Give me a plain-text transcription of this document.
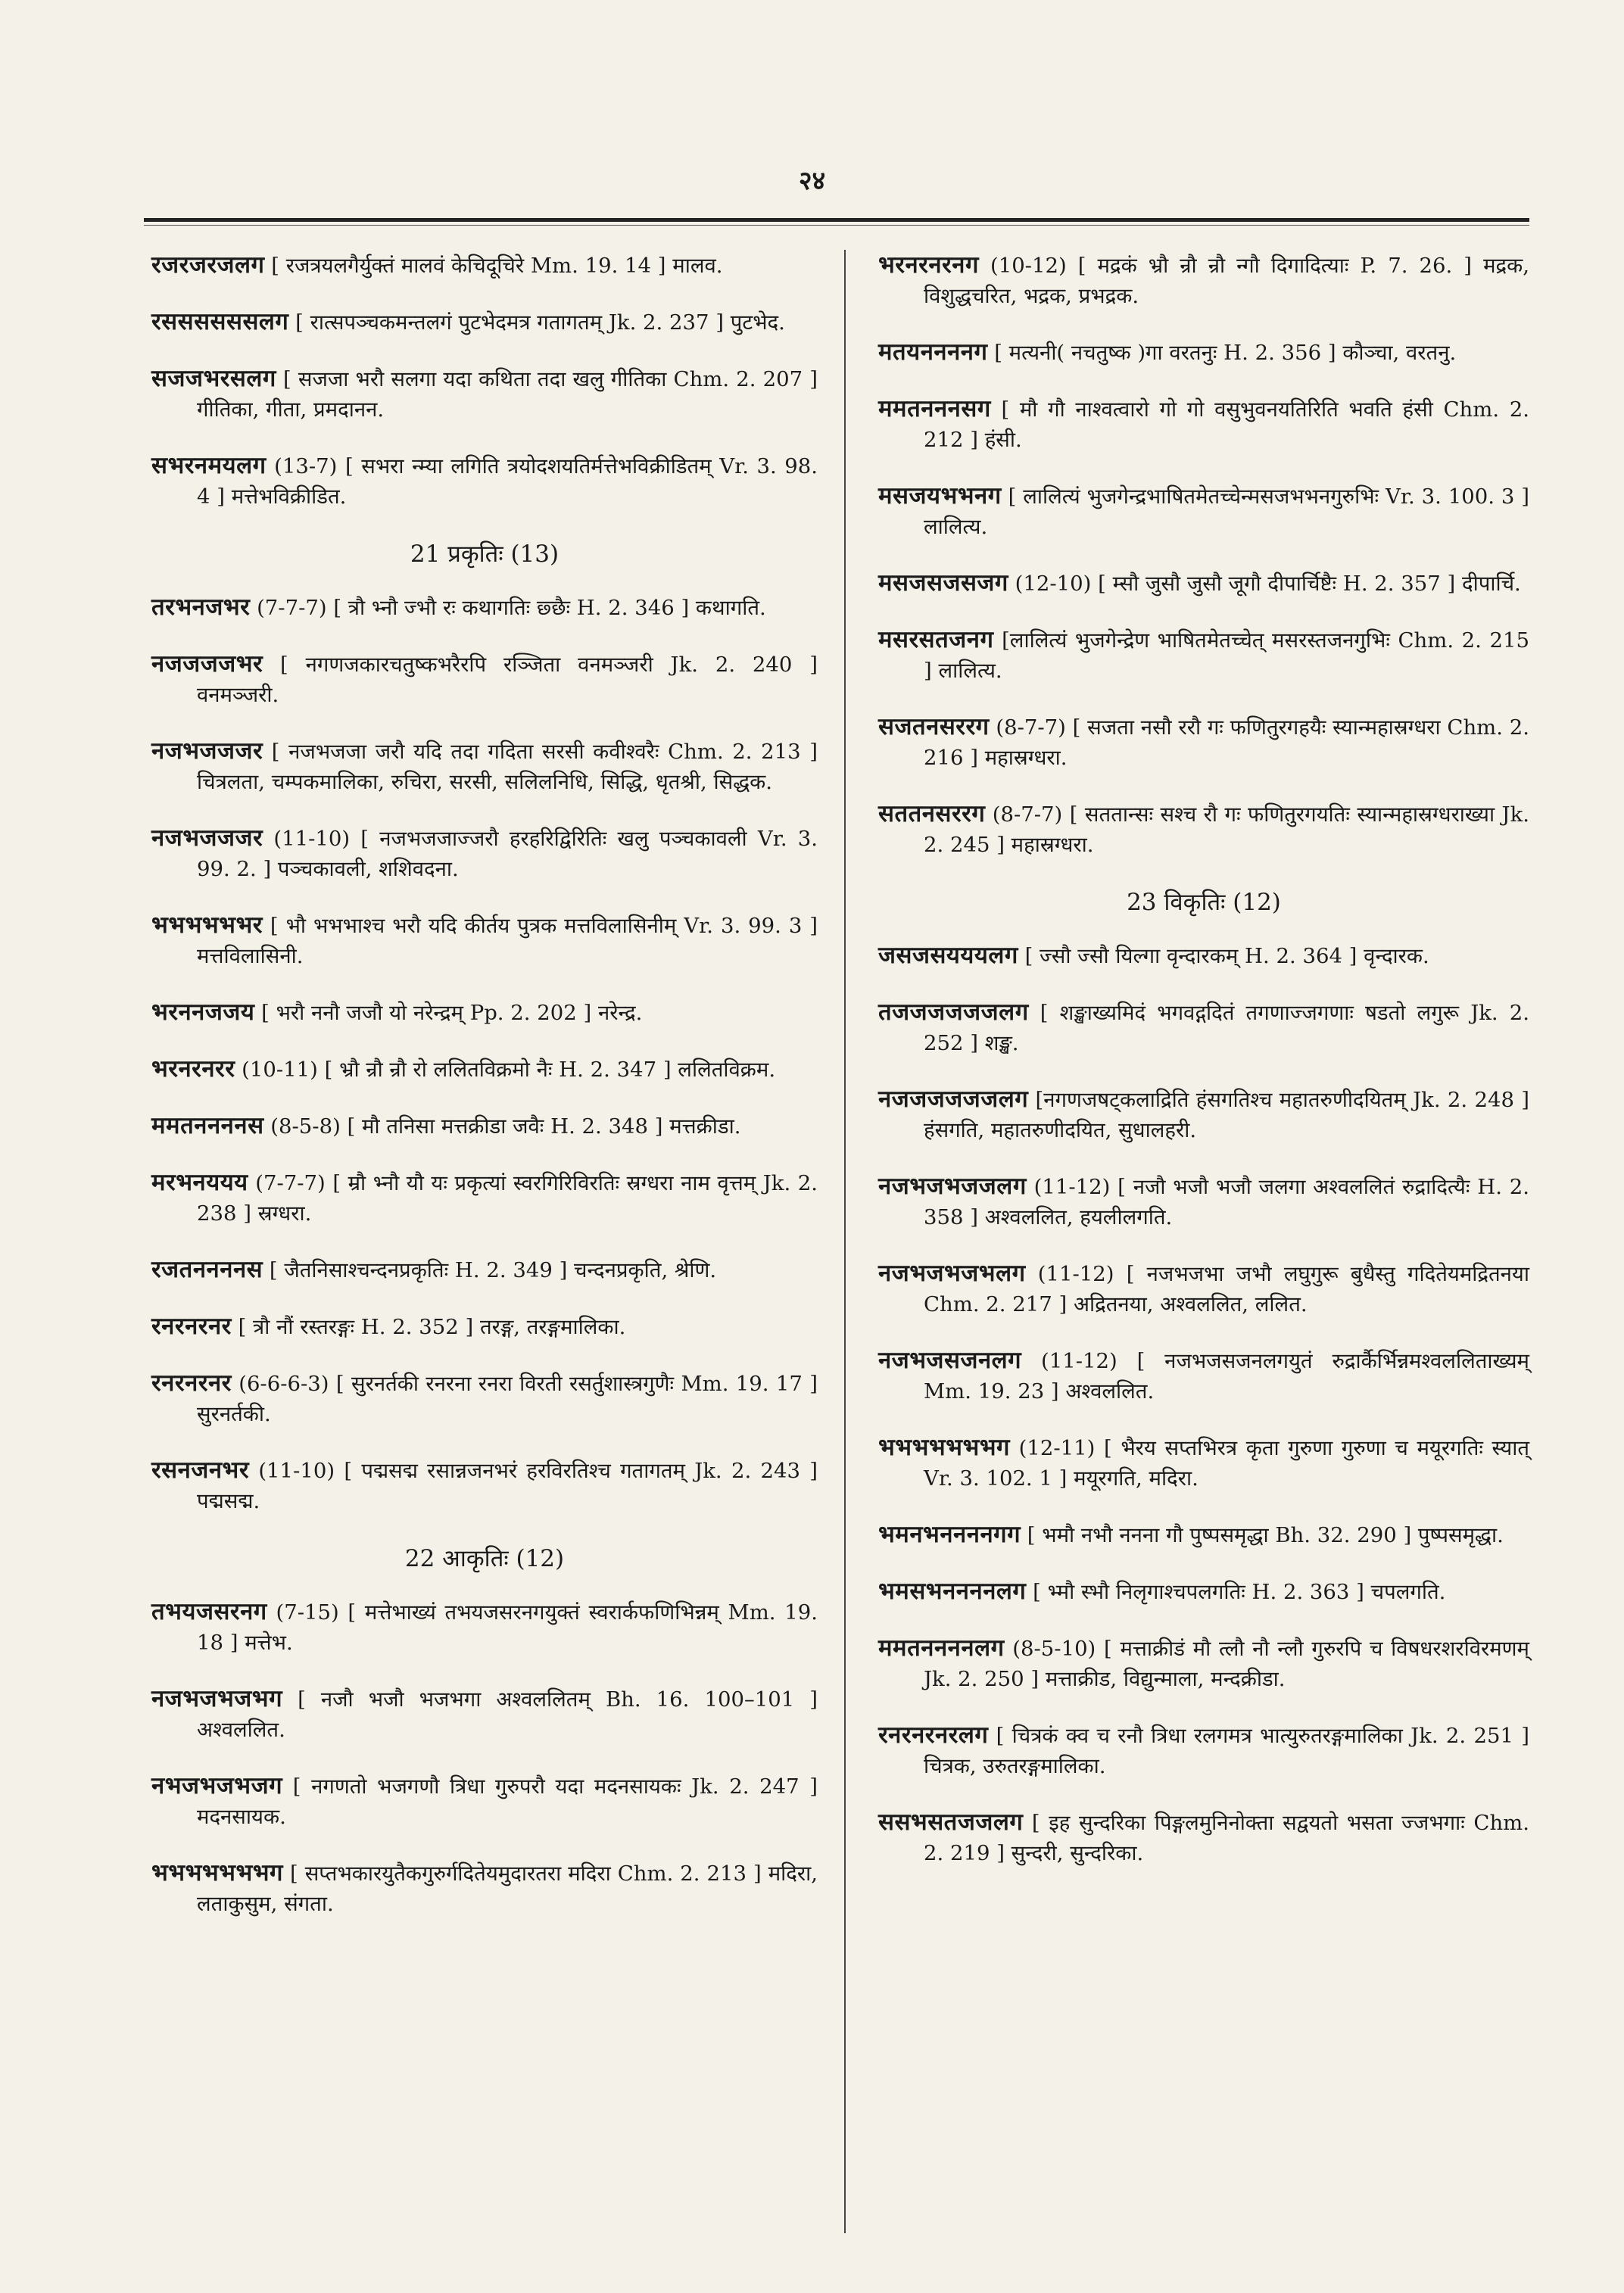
२४
रजरजरजलग [ रजत्रयलगैर्युक्तं मालवं केचिदूचिरे Mm. 19. 14 ] मालव.
रससससससलग [ रात्सपञ्चकमन्तलगं पुटभेदमत्र गतागतम् Jk. 2. 237 ] पुटभेद.
सजजभरसलग [ सजजा भरौ सलगा यदा कथिता तदा खलु गीतिका Chm. 2. 207 ] गीतिका, गीता, प्रमदानन.
सभरनमयलग (13-7) [ सभरा न्म्या लगिति त्रयोदशयतिर्मत्तेभविक्रीडितम् Vr. 3. 98. 4 ] मत्तेभविक्रीडित.
21 प्रकृतिः (13)
तरभनजभर (7-7-7) [ त्रौ भ्नौ ज्भौ रः कथागतिः छ्छैः H. 2. 346 ] कथागति.
नजजजजभर [ नगणजकारचतुष्कभरैरपि रञ्जिता वनमञ्जरी Jk. 2. 240 ] वनमञ्जरी.
नजभजजजर [ नजभजजा जरौ यदि तदा गदिता सरसी कवीश्वरैः Chm. 2. 213 ] चित्रलता, चम्पकमालिका, रुचिरा, सरसी, सलिलनिधि, सिद्धि, धृतश्री, सिद्धक.
नजभजजजर (11-10) [ नजभजजाज्जरौ हरहरिद्विरितिः खलु पञ्चकावली Vr. 3. 99. 2. ] पञ्चकावली, शशिवदना.
भभभभभभर [ भौ भभभाश्च भरौ यदि कीर्तय पुत्रक मत्तविलासिनीम् Vr. 3. 99. 3 ] मत्तविलासिनी.
भरननजजय [ भरौ ननौ जजौ यो नरेन्द्रम् Pp. 2. 202 ] नरेन्द्र.
भरनरनरर (10-11) [ भ्रौ न्रौ न्रौ रो ललितविक्रमो नैः H. 2. 347 ] ललितविक्रम.
ममतननननस (8-5-8) [ मौ तनिसा मत्तक्रीडा जवैः H. 2. 348 ] मत्तक्रीडा.
मरभनययय (7-7-7) [ म्रौ भ्नौ यौ यः प्रकृत्यां स्वरगिरिविरतिः स्रग्धरा नाम वृत्तम् Jk. 2. 238 ] स्रग्धरा.
रजतननननस [ जैतनिसाश्चन्दनप्रकृतिः H. 2. 349 ] चन्दनप्रकृति, श्रेणि.
रनरनरनर [ त्रौ नौं रस्तरङ्गः H. 2. 352 ] तरङ्ग, तरङ्गमालिका.
रनरनरनर (6-6-6-3) [ सुरनर्तकी रनरना रनरा विरती रसर्तुशास्त्रगुणैः Mm. 19. 17 ] सुरनर्तकी.
रसनजनभर (11-10) [ पद्मसद्म रसान्नजनभरं हरविरतिश्च गतागतम् Jk. 2. 243 ] पद्मसद्म.
22 आकृतिः (12)
तभयजसरनग (7-15) [ मत्तेभाख्यं तभयजसरनगयुक्तं स्वरार्कफणिभिन्नम् Mm. 19. 18 ] मत्तेभ.
नजभजभजभग [ नजौ भजौ भजभगा अश्वललितम् Bh. 16. 100–101 ] अश्वललित.
नभजभजभजग [ नगणतो भजगणौ त्रिधा गुरुपरौ यदा मदनसायकः Jk. 2. 247 ] मदनसायक.
भभभभभभभग [ सप्तभकारयुतैकगुरुर्गदितेयमुदारतरा मदिरा Chm. 2. 213 ] मदिरा, लताकुसुम, संगता.
भरनरनरनग (10-12) [ मद्रकं भ्रौ न्रौ न्रौ न्गौ दिगादित्याः P. 7. 26. ] मद्रक, विशुद्धचरित, भद्रक, प्रभद्रक.
मतयननननग [ मत्यनी( नचतुष्क )गा वरतनुः H. 2. 356 ] कौञ्चा, वरतनु.
ममतनननसग [ मौ गौ नाश्वत्वारो गो गो वसुभुवनयतिरिति भवति हंसी Chm. 2. 212 ] हंसी.
मसजयभभनग [ लालित्यं भुजगेन्द्रभाषितमेतच्चेन्मसजभभनगुरुभिः Vr. 3. 100. 3 ] लालित्य.
मसजसजसजग (12-10) [ म्सौ जुसौ जुसौ जूगौ दीपार्चिष्टैः H. 2. 357 ] दीपार्चि.
मसरसतजनग [लालित्यं भुजगेन्द्रेण भाषितमेतच्चेत् मसरस्तजनगुभिः Chm. 2. 215 ] लालित्य.
सजतनसररग (8-7-7) [ सजता नसौ ररौ गः फणितुरगहयैः स्यान्महास्रग्धरा Chm. 2. 216 ] महास्रग्धरा.
सततनसररग (8-7-7) [ सततान्सः सश्च रौ गः फणितुरगयतिः स्यान्महास्रग्धराख्या Jk. 2. 245 ] महास्रग्धरा.
23 विकृतिः (12)
जसजसयययलग [ ज्सौ ज्सौ यिल्गा वृन्दारकम् H. 2. 364 ] वृन्दारक.
तजजजजजजलग [ शङ्खाख्यमिदं भगवद्गदितं तगणाज्जगणाः षडतो लगुरू Jk. 2. 252 ] शङ्ख.
नजजजजजजलग [नगणजषट्कलाद्रिति हंसगतिश्च महातरुणीदयितम् Jk. 2. 248 ] हंसगति, महातरुणीदयित, सुधालहरी.
नजभजभजजलग (11-12) [ नजौ भजौ भजौ जलगा अश्वललितं रुद्रादित्यैः H. 2. 358 ] अश्वललित, हयलीलगति.
नजभजभजभलग (11-12) [ नजभजभा जभौ लघुगुरू बुधैस्तु गदितेयमद्रितनया Chm. 2. 217 ] अद्रितनया, अश्वललित, ललित.
नजभजसजनलग (11-12) [ नजभजसजनलगयुतं रुद्रार्कैर्भिन्नमश्वललिताख्यम् Mm. 19. 23 ] अश्वललित.
भभभभभभभग (12-11) [ भैरय सप्तभिरत्र कृता गुरुणा गुरुणा च मयूरगतिः स्यात् Vr. 3. 102. 1 ] मयूरगति, मदिरा.
भमनभननननगग [ भमौ नभौ ननना गौ पुष्पसमृद्धा Bh. 32. 290 ] पुष्पसमृद्धा.
भमसभननननलग [ भ्मौ स्भौ निलृगाश्चपलगतिः H. 2. 363 ] चपलगति.
ममतननननलग (8-5-10) [ मत्ताक्रीडं मौ त्लौ नौ न्लौ गुरुरपि च विषधरशरविरमणम् Jk. 2. 250 ] मत्ताक्रीड, विद्युन्माला, मन्दक्रीडा.
रनरनरनरलग [ चित्रकं क्व च रनौ त्रिधा रलगमत्र भात्युरुतरङ्गमालिका Jk. 2. 251 ] चित्रक, उरुतरङ्गमालिका.
ससभसतजजलग [ इह सुन्दरिका पिङ्गलमुनिनोक्ता सद्वयतो भसता ज्जभगाः Chm. 2. 219 ] सुन्दरी, सुन्दरिका.
